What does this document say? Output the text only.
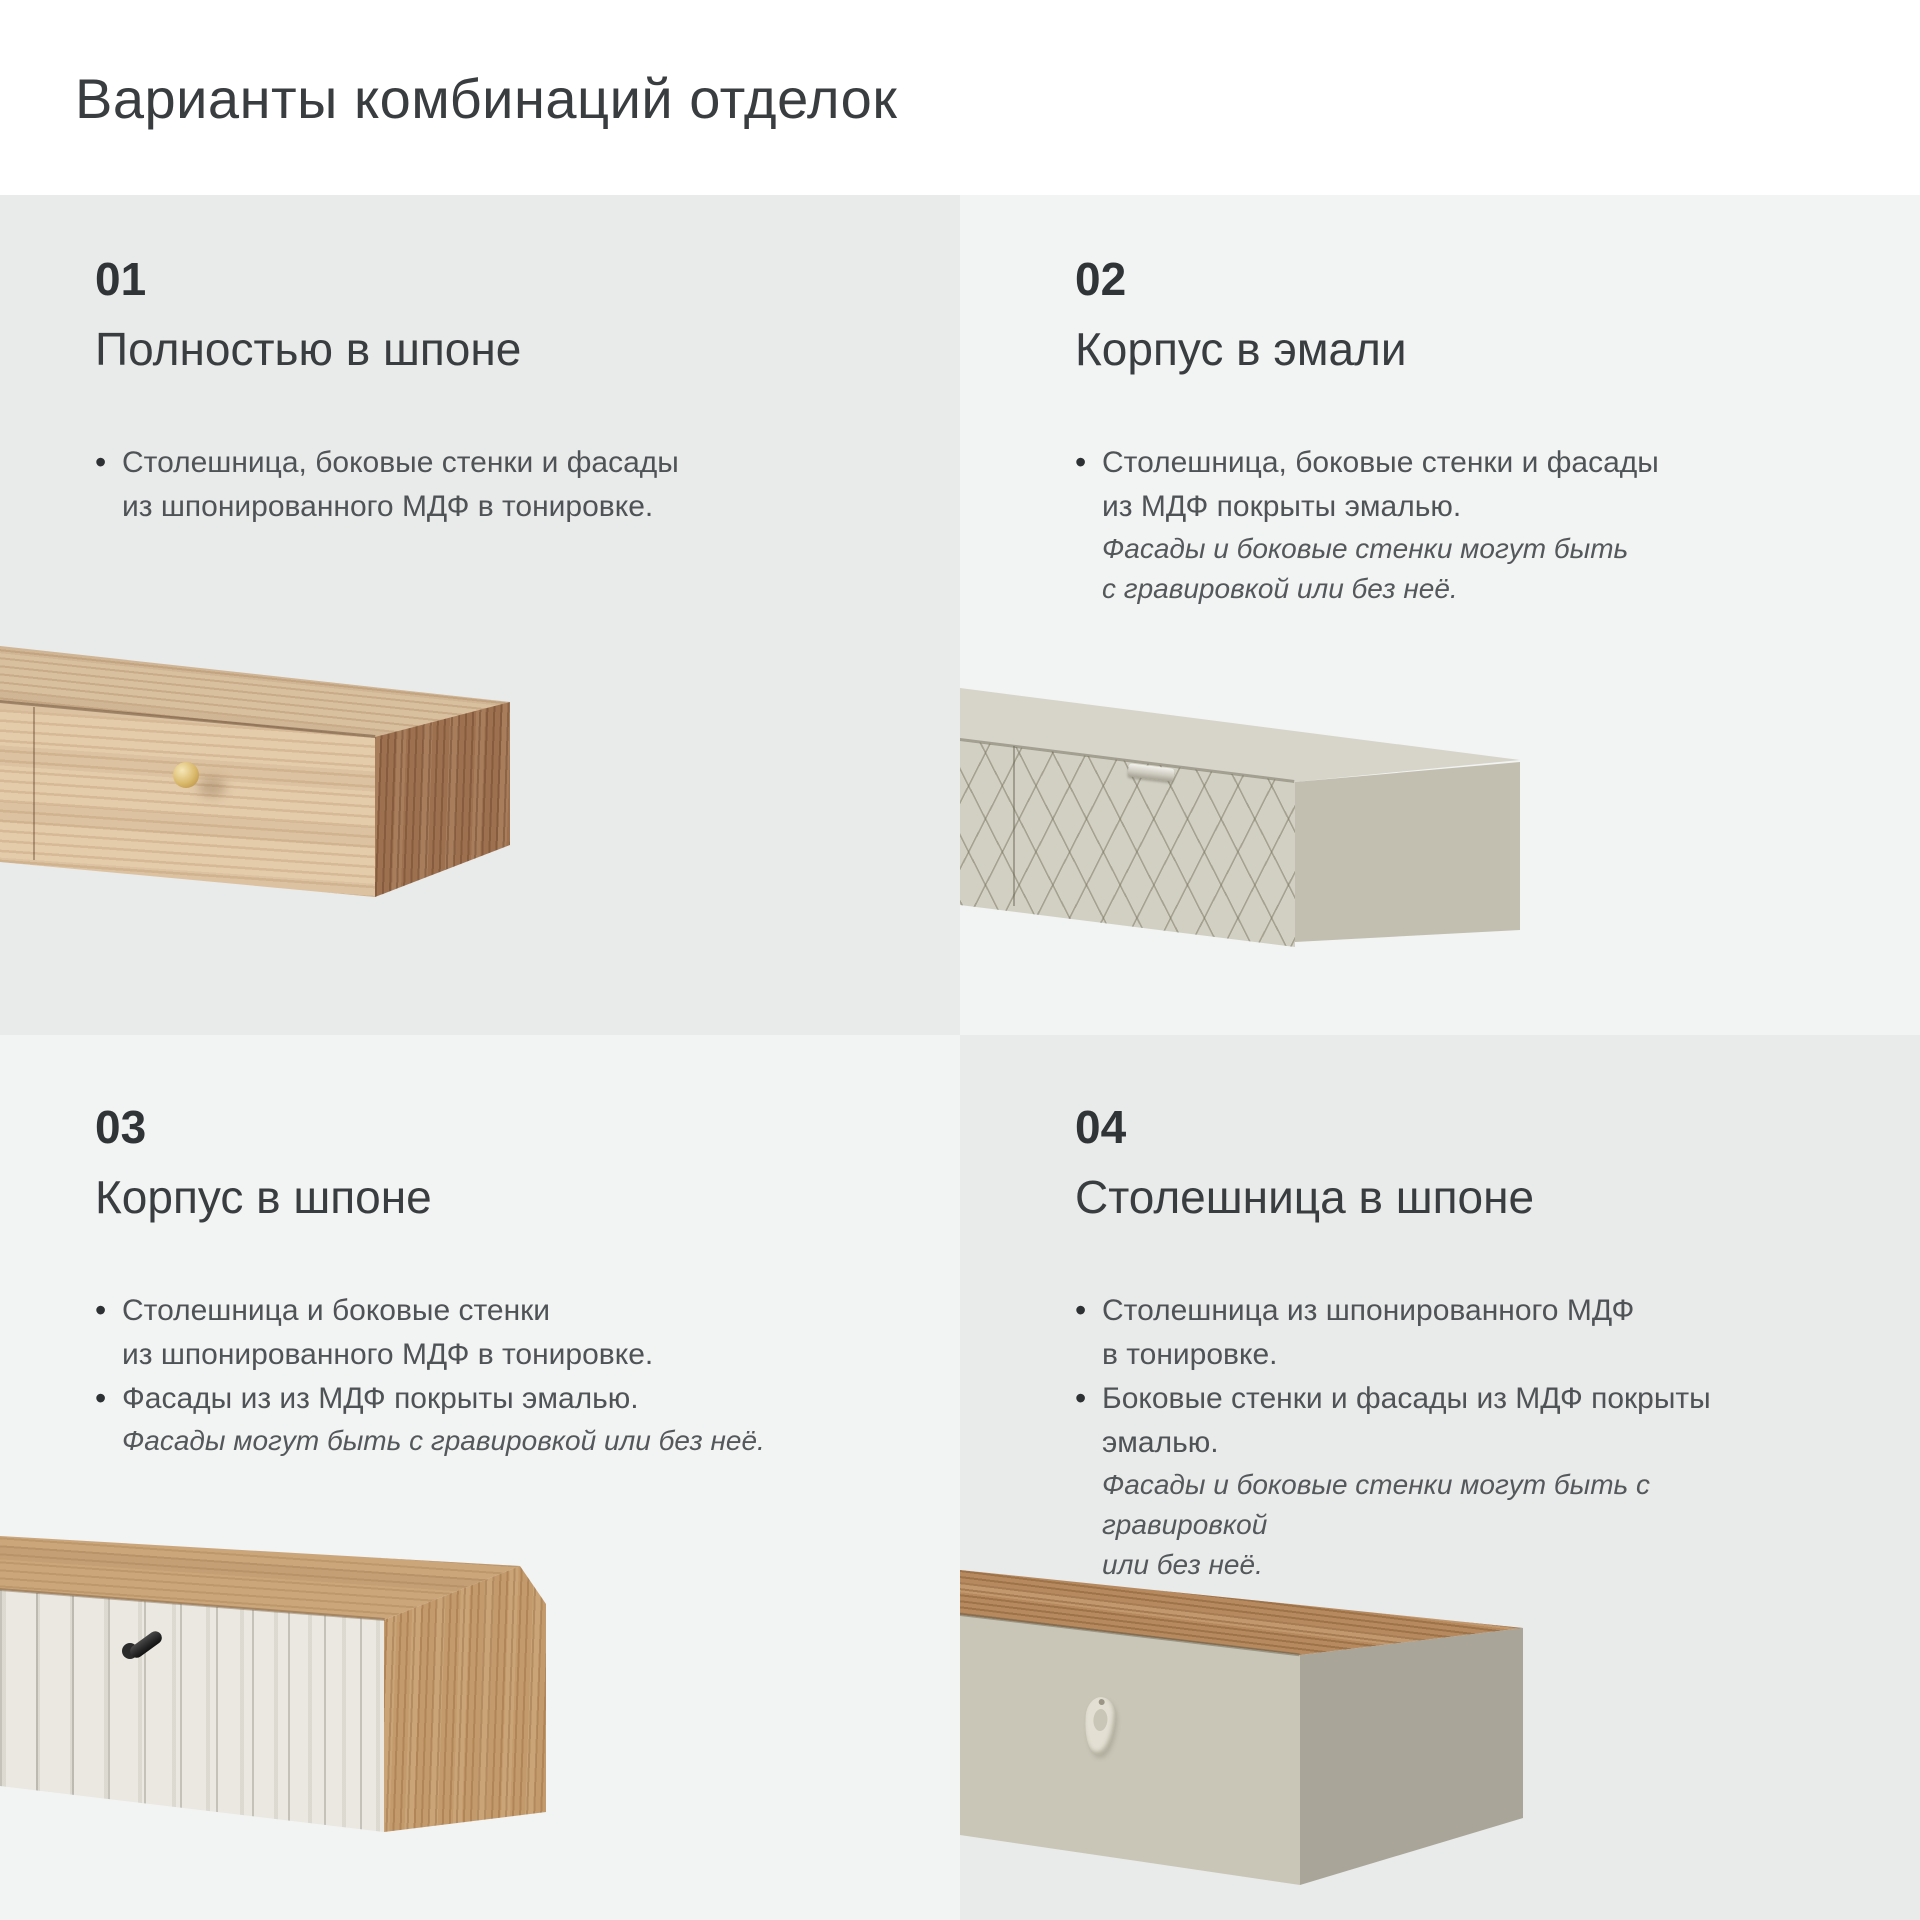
Варианты комбинаций отделок
01
Полностью в шпоне
• Столешница, боковые стенки и фасады
из шпонированного МДФ в тонировке.
02
Корпус в эмали
• Столешница, боковые стенки и фасады
из МДФ покрыты эмалью.
Фасады и боковые стенки могут быть
с гравировкой или без неё.
03
Корпус в шпоне
• Столешница и боковые стенки
из шпонированного МДФ в тонировке.
• Фасады из из МДФ покрыты эмалью.
Фасады могут быть с гравировкой или без неё.
04
Столешница в шпоне
• Столешница из шпонированного МДФ
в тонировке.
• Боковые стенки и фасады из МДФ покрыты
эмалью.
Фасады и боковые стенки могут быть с гравировкой
или без неё.
